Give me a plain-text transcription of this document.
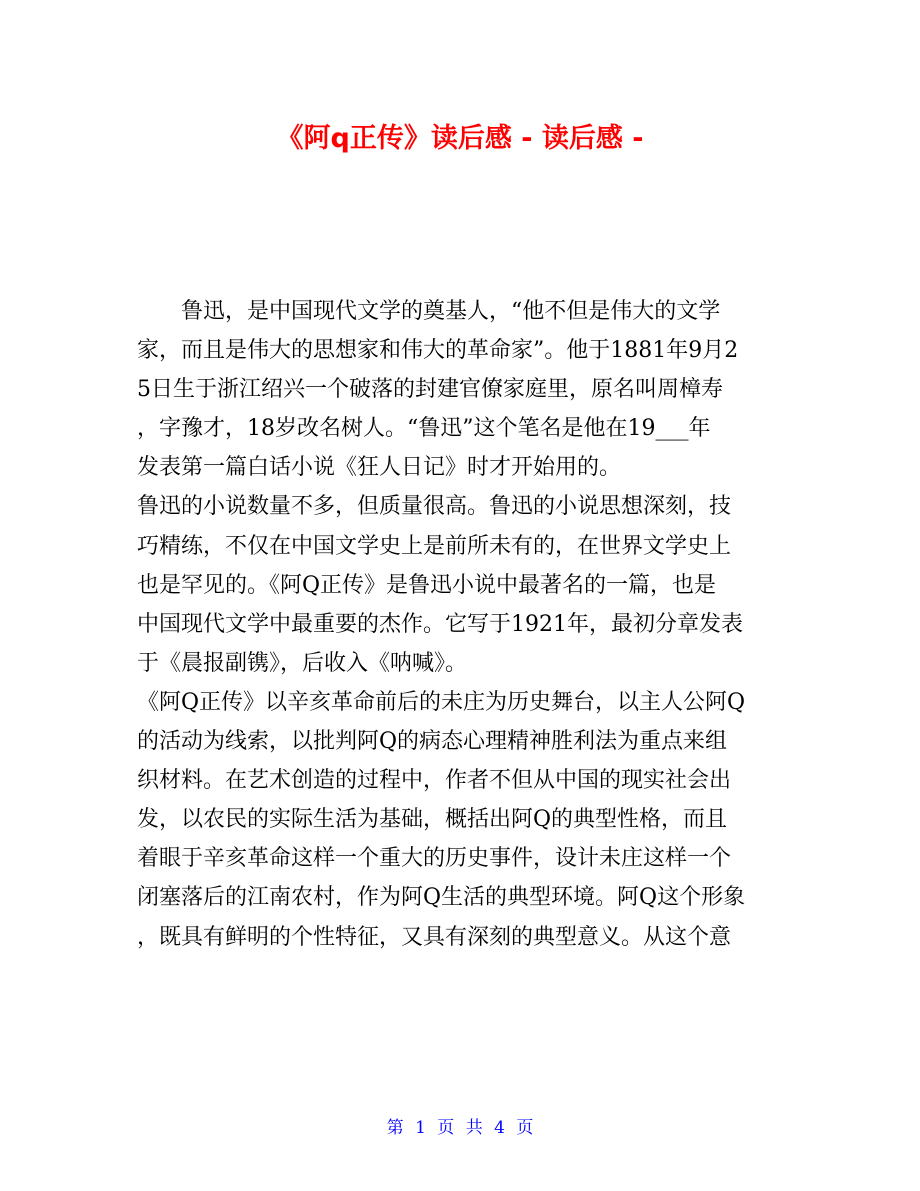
《阿q正传》读后感 - 读后感 -
　　鲁迅，是中国现代文学的奠基人，“他不但是伟大的文学
家，而且是伟大的思想家和伟大的革命家”。他于1881年9月2
5日生于浙江绍兴一个破落的封建官僚家庭里，原名叫周樟寿
，字豫才，18岁改名树人。“鲁迅”这个笔名是他在19___年
发表第一篇白话小说《狂人日记》时才开始用的。
鲁迅的小说数量不多，但质量很高。鲁迅的小说思想深刻，技
巧精练，不仅在中国文学史上是前所未有的，在世界文学史上
也是罕见的。《阿Q正传》是鲁迅小说中最著名的一篇，也是
中国现代文学中最重要的杰作。它写于1921年，最初分章发表
于《晨报副镌》，后收入《呐喊》。
《阿Q正传》以辛亥革命前后的未庄为历史舞台，以主人公阿Q
的活动为线索，以批判阿Q的病态心理精神胜利法为重点来组
织材料。在艺术创造的过程中，作者不但从中国的现实社会出
发，以农民的实际生活为基础，概括出阿Q的典型性格，而且
着眼于辛亥革命这样一个重大的历史事件，设计未庄这样一个
闭塞落后的江南农村，作为阿Q生活的典型环境。阿Q这个形象
，既具有鲜明的个性特征，又具有深刻的典型意义。从这个意
第 1 页 共 4 页
